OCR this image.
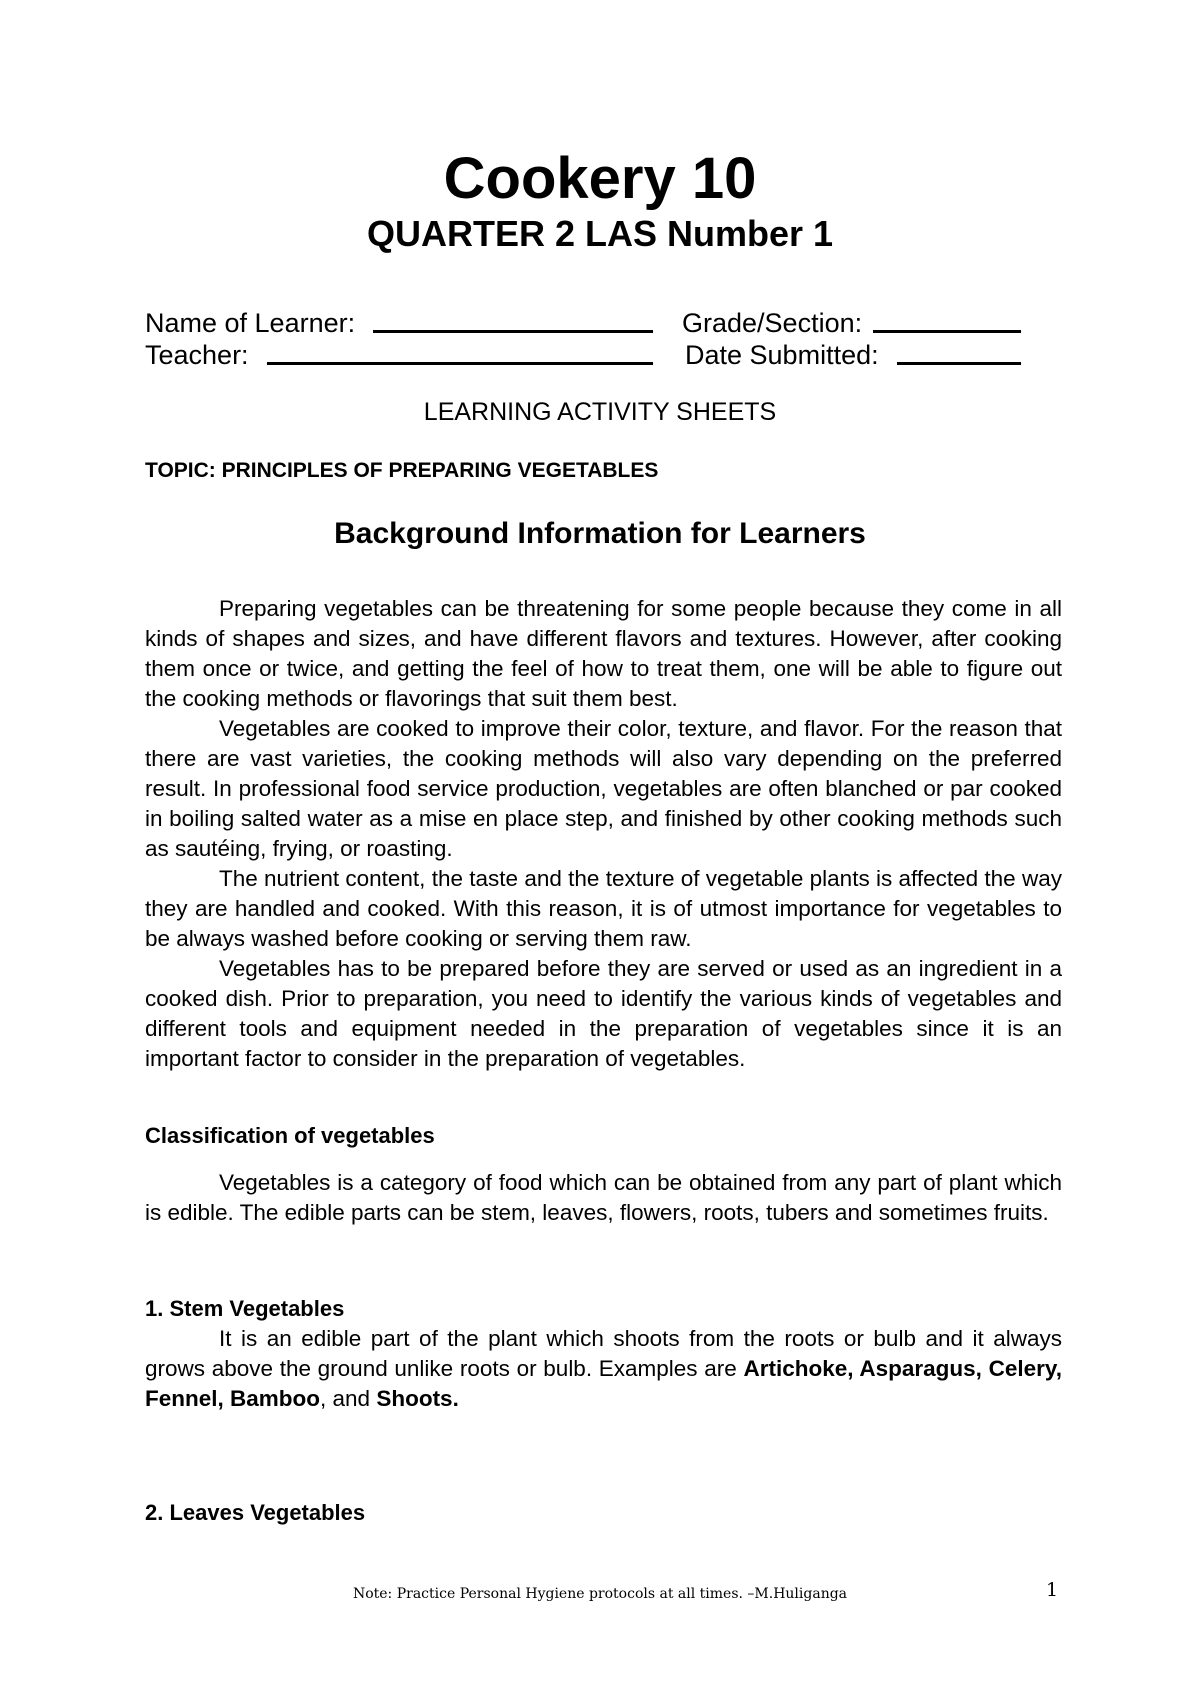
Cookery 10
QUARTER 2 LAS Number 1
Name of Learner:	Grade/Section:
Teacher:	Date Submitted:
LEARNING ACTIVITY SHEETS
TOPIC: PRINCIPLES OF PREPARING VEGETABLES
Background Information for Learners

Preparing vegetables can be threatening for some people because they come in all kinds of shapes and sizes, and have different flavors and textures. However, after cooking them once or twice, and getting the feel of how to treat them, one will be able to figure out the cooking methods or flavorings that suit them best.

Vegetables are cooked to improve their color, texture, and flavor. For the reason that there are vast varieties, the cooking methods will also vary depending on the preferred result. In professional food service production, vegetables are often blanched or par cooked in boiling salted water as a mise en place step, and finished by other cooking methods such as sautéing, frying, or roasting.

The nutrient content, the taste and the texture of vegetable plants is affected the way they are handled and cooked. With this reason, it is of utmost importance for vegetables to be always washed before cooking or serving them raw.

Vegetables has to be prepared before they are served or used as an ingredient in a cooked dish. Prior to preparation, you need to identify the various kinds of vegetables and different tools and equipment needed in the preparation of vegetables since it is an important factor to consider in the preparation of vegetables.

Classification of vegetables

Vegetables is a category of food which can be obtained from any part of plant which is edible. The edible parts can be stem, leaves, flowers, roots, tubers and sometimes fruits.

1. Stem Vegetables

It is an edible part of the plant which shoots from the roots or bulb and it always grows above the ground unlike roots or bulb. Examples are Artichoke, Asparagus, Celery, Fennel, Bamboo, and Shoots.

2. Leaves Vegetables
Note: Practice Personal Hygiene protocols at all times. –M.Huliganga	1
